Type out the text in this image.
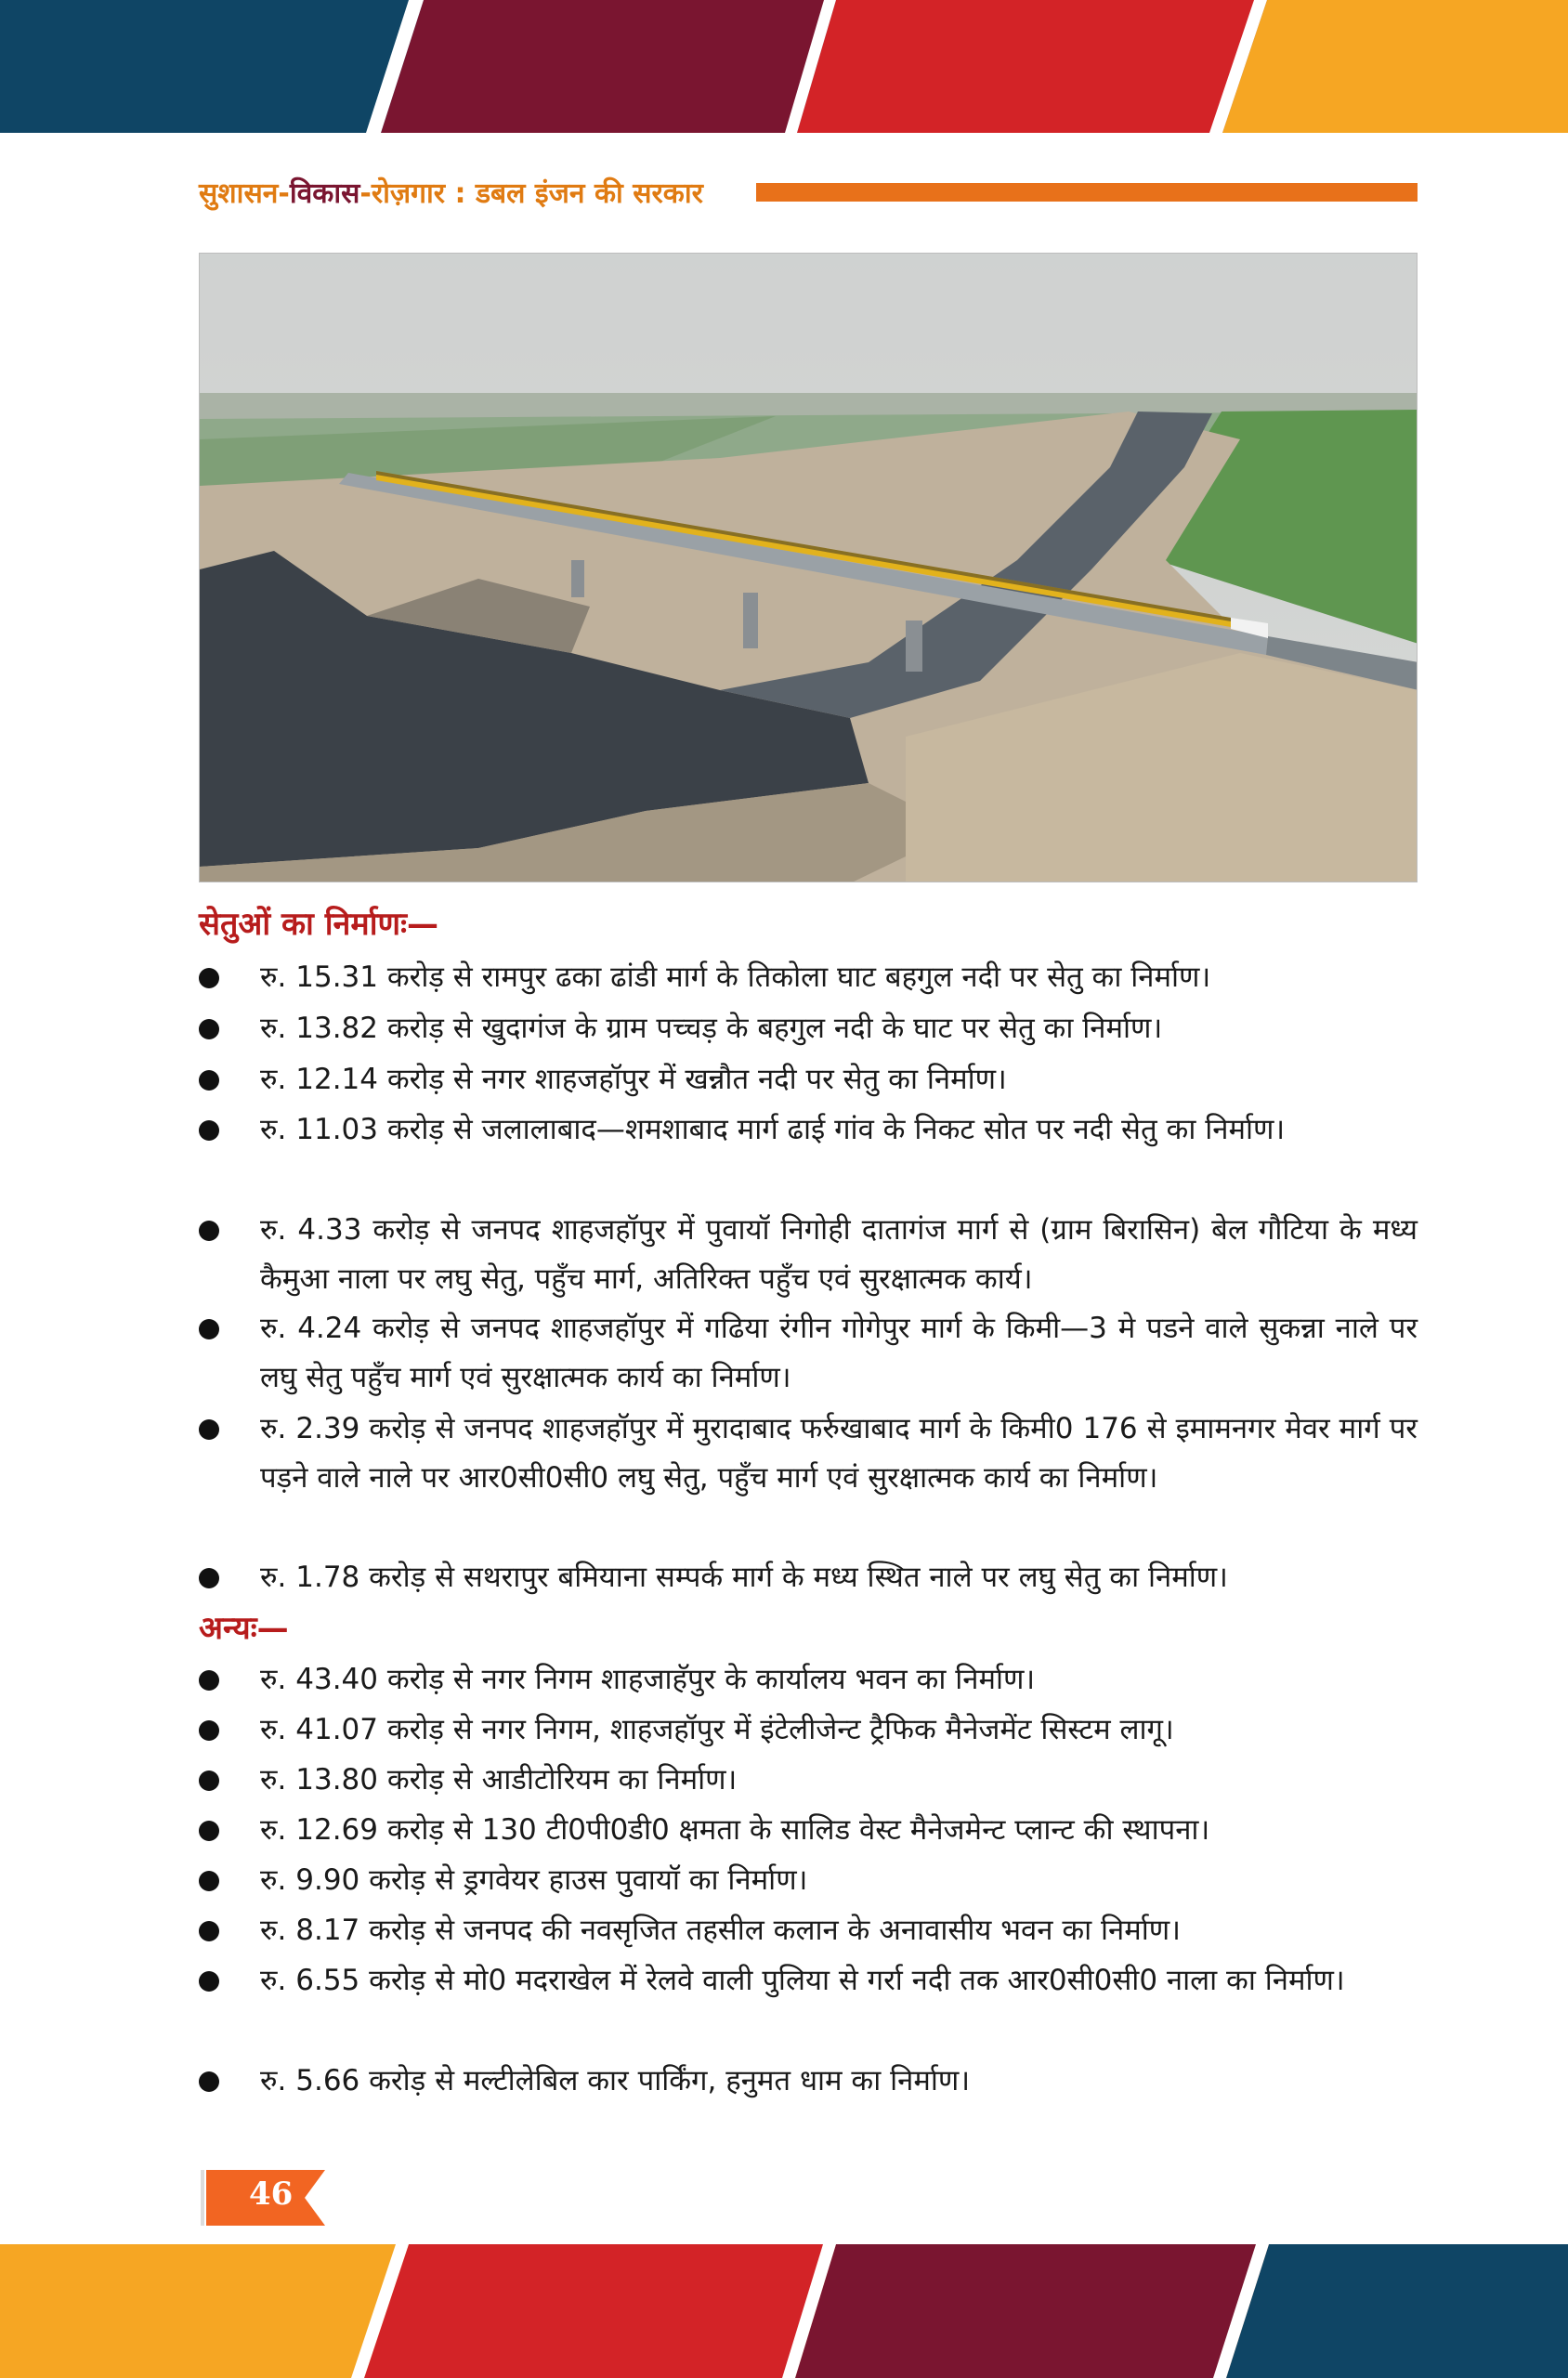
सुशासन-विकास-रोज़गार : डबल इंजन की सरकार
सेतुओं का निर्माणः—
रु. 15.31 करोड़ से रामपुर ढका ढांडी मार्ग के तिकोला घाट बहगुल नदी पर सेतु का निर्माण।
रु. 13.82 करोड़ से खुदागंज के ग्राम पच्चड़ के बहगुल नदी के घाट पर सेतु का निर्माण।
रु. 12.14 करोड़ से नगर शाहजहॉपुर में खन्नौत नदी पर सेतु का निर्माण।
रु. 11.03 करोड़ से जलालाबाद—शमशाबाद मार्ग ढाई गांव के निकट सोत पर नदी सेतु का निर्माण।
रु. 4.33 करोड़ से जनपद शाहजहॉपुर में पुवायॉ निगोही दातागंज मार्ग से (ग्राम बिरासिन) बेल गौटिया के मध्य कैमुआ नाला पर लघु सेतु, पहुँच मार्ग, अतिरिक्त पहुँच एवं सुरक्षात्मक कार्य।
रु. 4.24 करोड़ से जनपद शाहजहॉपुर में गढिया रंगीन गोगेपुर मार्ग के किमी—3 मे पडने वाले सुकन्ना नाले पर लघु सेतु पहुँच मार्ग एवं सुरक्षात्मक कार्य का निर्माण।
रु. 2.39 करोड़ से जनपद शाहजहॉपुर में मुरादाबाद फर्रुखाबाद मार्ग के किमी0 176 से इमामनगर मेवर मार्ग पर पड़ने वाले नाले पर आर0सी0सी0 लघु सेतु, पहुँच मार्ग एवं सुरक्षात्मक कार्य का निर्माण।
रु. 1.78 करोड़ से सथरापुर बमियाना सम्पर्क मार्ग के मध्य स्थित नाले पर लघु सेतु का निर्माण।
अन्यः—
रु. 43.40 करोड़ से नगर निगम शाहजाहॅपुर के कार्यालय भवन का निर्माण।
रु. 41.07 करोड़ से नगर निगम, शाहजहॉपुर में इंटेलीजेन्ट ट्रैफिक मैनेजमेंट सिस्टम लागू।
रु. 13.80 करोड़ से आडीटोरियम का निर्माण।
रु. 12.69 करोड़ से 130 टी0पी0डी0 क्षमता के सालिड वेस्ट मैनेजमेन्ट प्लान्ट की स्थापना।
रु. 9.90 करोड़ से ड्रगवेयर हाउस पुवायॉ का निर्माण।
रु. 8.17 करोड़ से जनपद की नवसृजित तहसील कलान के अनावासीय भवन का निर्माण।
रु. 6.55 करोड़ से मो0 मदराखेल में रेलवे वाली पुलिया से गर्रा नदी तक आर0सी0सी0 नाला का निर्माण।
रु. 5.66 करोड़ से मल्टीलेबिल कार पार्किंग, हनुमत धाम का निर्माण।
46
